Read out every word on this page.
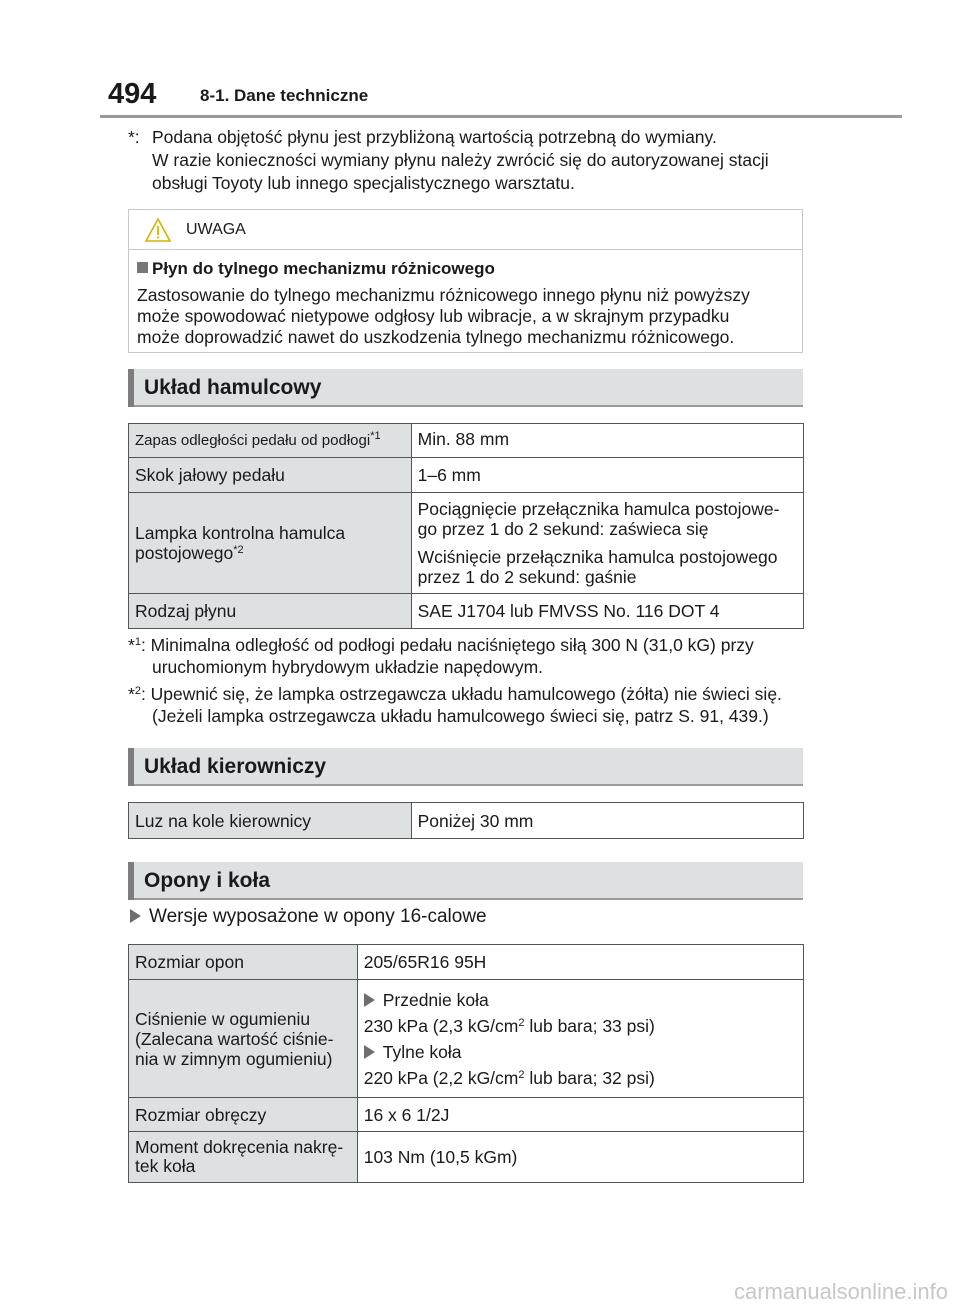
494	8-1. Dane techniczne
*: Podana objętość płynu jest przybliżoną wartością potrzebną do wymiany.
W razie konieczności wymiany płynu należy zwrócić się do autoryzowanej stacji
obsługi Toyoty lub innego specjalistycznego warsztatu.
UWAGA
Płyn do tylnego mechanizmu różnicowego
Zastosowanie do tylnego mechanizmu różnicowego innego płynu niż powyższy może spowodować nietypowe odgłosy lub wibracje, a w skrajnym przypadku może doprowadzić nawet do uszkodzenia tylnego mechanizmu różnicowego.
Układ hamulcowy
Zapas odległości pedału od podłogi$^{*1}$	Min. 88 mm
Skok jałowy pedału	1–6 mm
Lampka kontrolna hamulca postojowego$^{*2}$	Pociągnięcie przełącznika hamulca postojowe- go przez 1 do 2 sekund: zaświeca się
Wciśnięcie przełącznika hamulca postojowego przez 1 do 2 sekund: gaśnie

Rodzaj płynu	SAE J1704 lub FMVSS No. 116 DOT 4
*$^1$: Minimalna odległość od podłogi pedału naciśniętego siłą 300 N (31,0 kG) przy
uruchomionym hybrydowym układzie napędowym.
*$^2$: Upewnić się, że lampka ostrzegawcza układu hamulcowego (żółta) nie świeci się.
(Jeżeli lampka ostrzegawcza układu hamulcowego świeci się, patrz S. 91, 439.)
Układ kierowniczy
Luz na kole kierownicy	Poniżej 30 mm
Opony i koła
Wersje wyposażone w opony 16-calowe
Rozmiar opon	205/65R16 95H
Ciśnienie w ogumieniu (Zalecana wartość ciśnie- nia w zimnym ogumieniu)	Przednie koła
230 kPa (2,3 $kG/cm^2$ lub bara; 33 psi)
Tylne koła
220 kPa (2,2 $kG/cm^2$ lub bara; 32 psi)

Rozmiar obręczy	16 x 6 1/2J
Moment dokręcenia nakrę- tek koła	103 Nm (10,5 kGm)
carmanualsonline.info
